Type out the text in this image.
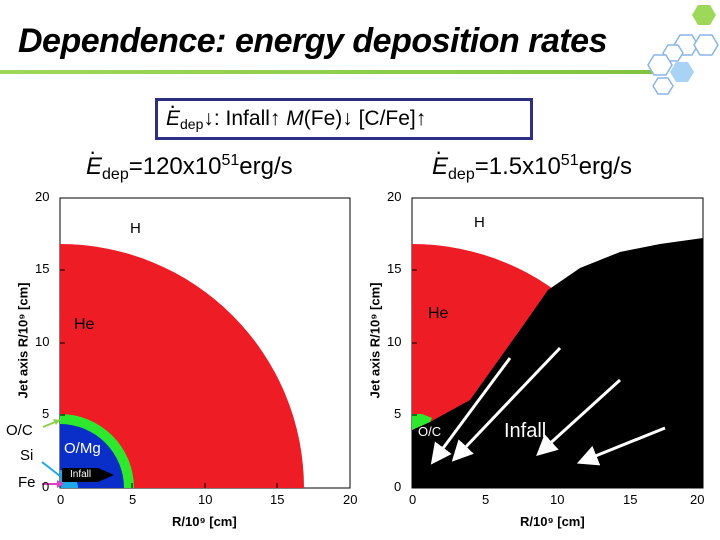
Dependence: energy deposition rates
· E dep ↓ : Infall↑ M (Fe)↓ [C/Fe]↑
· $E_{dep}=120x10^{51}erg/s$
·	$E_{dep}=1.5x10^{51}erg/s$
H
He
O/Mg
Infall
O/C
Si
Fe
0	5	10	15	20
0
5
10
15
20
R/10⁹ [cm]
Jet axis R/10⁹ [cm]
H
He
O/C	Infall
0	5	10	15	20
0
5
10
15
20
R/10⁹ [cm]
Jet axis R/10⁹ [cm]
